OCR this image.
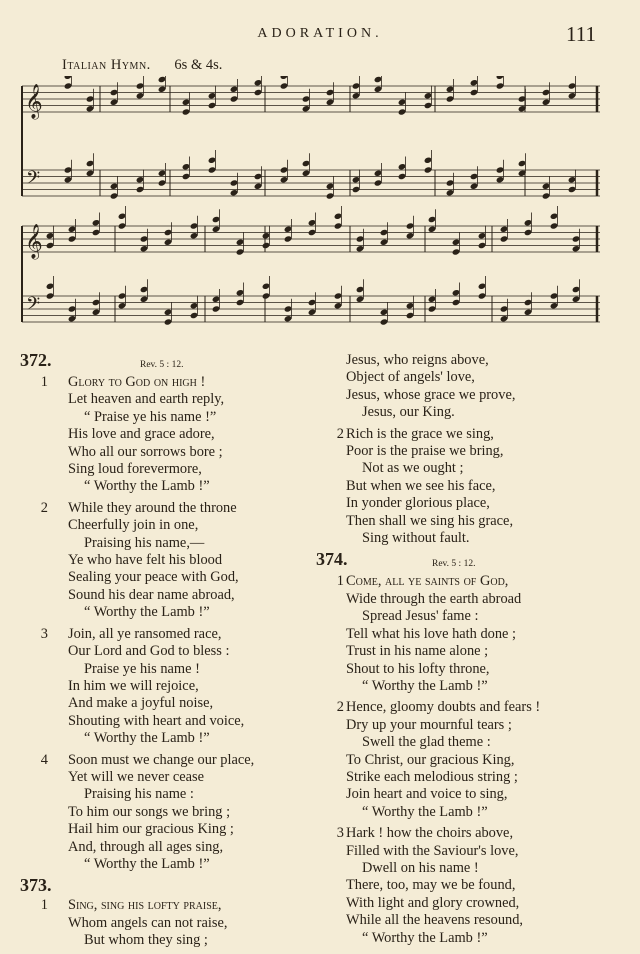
ADORATION.	111
Italian Hymn. 6s & 4s.
𝄞
𝄢
𝄞
𝄢
372.	Rev. 5 : 12.
1 Glory to God on high !
Let heaven and earth reply,
“ Praise ye his name !”
His love and grace adore,
Who all our sorrows bore ;
Sing loud forevermore,
“ Worthy the Lamb !”
2 While they around the throne
Cheerfully join in one,
Praising his name,—
Ye who have felt his blood
Sealing your peace with God,
Sound his dear name abroad,
“ Worthy the Lamb !”
3 Join, all ye ransomed race,
Our Lord and God to bless :
Praise ye his name !
In him we will rejoice,
And make a joyful noise,
Shouting with heart and voice,
“ Worthy the Lamb !”
4 Soon must we change our place,
Yet will we never cease
Praising his name :
To him our songs we bring ;
Hail him our gracious King ;
And, through all ages sing,
“ Worthy the Lamb !”
373.
1 Sing, sing his lofty praise,
Whom angels can not raise,
But whom they sing ;
Jesus, who reigns above,
Object of angels' love,
Jesus, whose grace we prove,
Jesus, our King.
2 Rich is the grace we sing,
Poor is the praise we bring,
Not as we ought ;
But when we see his face,
In yonder glorious place,
Then shall we sing his grace,
Sing without fault.
374.	Rev. 5 : 12.
1 Come, all ye saints of God,
Wide through the earth abroad
Spread Jesus' fame :
Tell what his love hath done ;
Trust in his name alone ;
Shout to his lofty throne,
“ Worthy the Lamb !”
2 Hence, gloomy doubts and fears !
Dry up your mournful tears ;
Swell the glad theme :
To Christ, our gracious King,
Strike each melodious string ;
Join heart and voice to sing,
“ Worthy the Lamb !”
3 Hark ! how the choirs above,
Filled with the Saviour's love,
Dwell on his name !
There, too, may we be found,
With light and glory crowned,
While all the heavens resound,
“ Worthy the Lamb !”
